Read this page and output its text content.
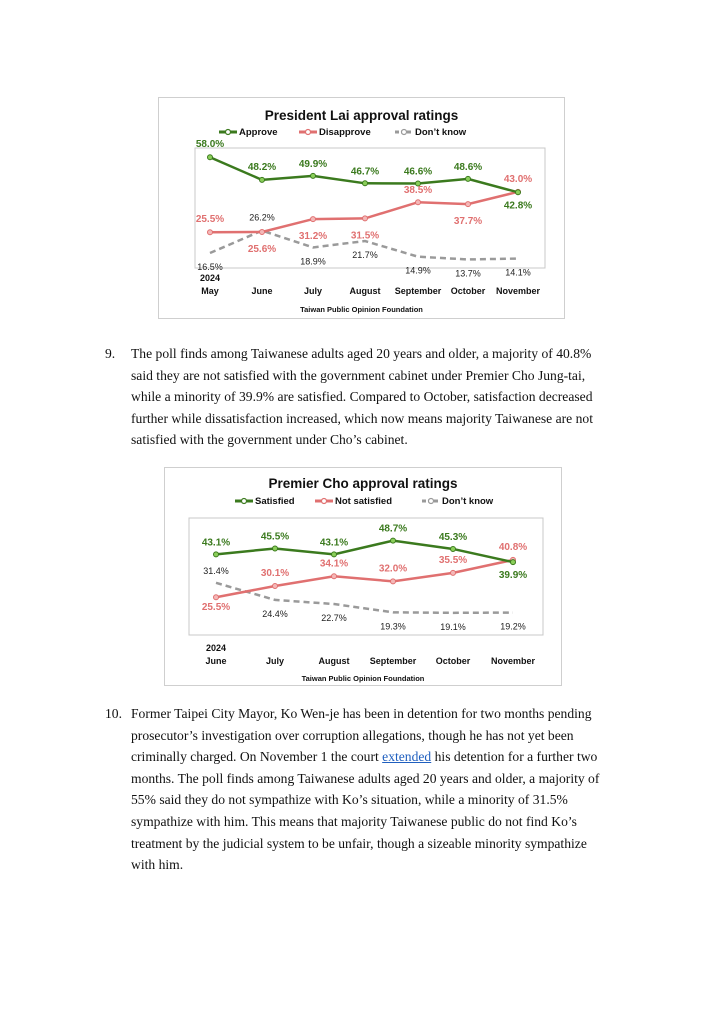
President Lai approval ratings
Approve	Disapprove	Don’t know
58.0%
48.2% 49.9%
46.7% 46.6% 48.6%
42.8%
25.5%
25.6%
31.2% 31.5%
38.5%
37.7%
43.0%
16.5%
26.2%
18.9%
21.7%
14.9%	13.7%	14.1%
2024
May	June	July	August September October November
Taiwan Public Opinion Foundation
9. The poll finds among Taiwanese adults aged 20 years and older, a majority of 40.8% said they are not satisfied with the government cabinet under Premier Cho Jung-tai, while a minority of 39.9% are satisfied. Compared to October, satisfaction decreased further while dissatisfaction increased, which now means majority Taiwanese are not satisfied with the government under Cho’s cabinet.
Premier Cho approval ratings
Satisfied	Not satisfied	Don’t know
43.1%
45.5%
43.1%
48.7%
45.3%
39.9%
25.5%
30.1%
34.1%	32.0%
35.5%
40.8%
31.4%
24.4%	22.7%
19.3%	19.1%	19.2%
2024
June	July	August September October November
Taiwan Public Opinion Foundation
10. Former Taipei City Mayor, Ko Wen-je has been in detention for two months pending prosecutor’s investigation over corruption allegations, though he has not yet been criminally charged. On November 1 the court extended his detention for a further two months. The poll finds among Taiwanese adults aged 20 years and older, a majority of 55% said they do not sympathize with Ko’s situation, while a minority of 31.5% sympathize with him. This means that majority Taiwanese public do not find Ko’s treatment by the judicial system to be unfair, though a sizeable minority sympathize with him.
